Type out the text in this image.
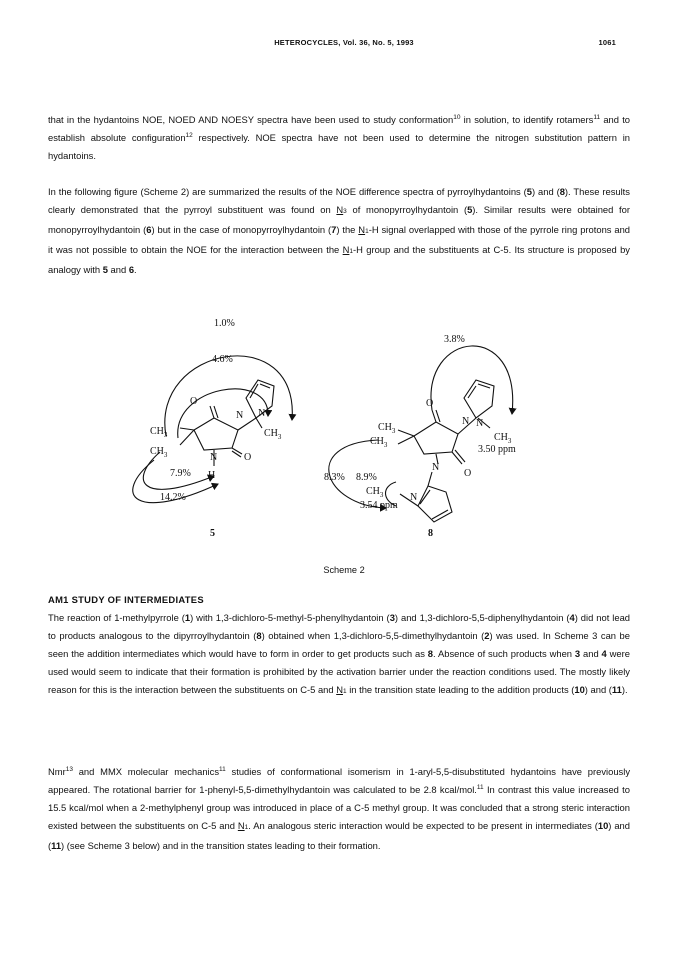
HETEROCYCLES, Vol. 36, No. 5, 1993	1061

that in the hydantoins NOE, NOED AND NOESY spectra have been used to study conformation$^{10}$ in solution, to identify rotamers$^{11}$ and to establish absolute configuration$^{12}$ respectively. NOE spectra have not been used to determine the nitrogen substitution pattern in hydantoins.

In the following figure (Scheme 2) are summarized the results of the NOE difference spectra of pyrroylhydantoins (5) and (8). These results clearly demonstrated that the pyrroyl substituent was found on N3 of monopyrroylhydantoin (5). Similar results were obtained for monopyrroylhydantoin (6) but in the case of monopyrroylhydantoin (7) the N1-H signal overlapped with those of the pyrrole ring protons and it was not possible to obtain the NOE for the interaction between the N1-H group and the substituents at C-5. Its structure is proposed by analogy with 5 and 6.

1.0%
4.6%
O
N N
$CH_3$
$CH_3$
$CH_3$	N	O
H
7.9%
14.2%
5
3.8%
O
N N
$CH_3$
3.50 ppm
$CH_3$
$CH_3$
O
N
8.3% 8.9%
$CH_3$
3.54 ppm
N
8
Scheme 2
AM1 STUDY OF INTERMEDIATES

The reaction of 1-methylpyrrole (1) with 1,3-dichloro-5-methyl-5-phenylhydantoin (3) and 1,3-dichloro-5,5-diphenylhydantoin (4) did not lead to products analogous to the dipyrroylhydantoin (8) obtained when 1,3-dichloro-5,5-dimethylhydantoin (2) was used. In Scheme 3 can be seen the addition intermediates which would have to form in order to get products such as 8. Absence of such products when 3 and 4 were used would seem to indicate that their formation is prohibited by the activation barrier under the reaction conditions used. The mostly likely reason for this is the interaction between the substituents on C-5 and N1 in the transition state leading to the addition products (10) and (11).

Nmr$^{13}$ and MMX molecular mechanics$^{11}$ studies of conformational isomerism in 1-aryl-5,5-disubstituted hydantoins have previously appeared. The rotational barrier for 1-phenyl-5,5-dimethylhydantoin was calculated to be 2.8 kcal/mol.$^{11}$ In contrast this value increased to 15.5 kcal/mol when a 2-methylphenyl group was introduced in place of a C-5 methyl group. It was concluded that a strong steric interaction existed between the substituents on C-5 and N1. An analogous steric interaction would be expected to be present in intermediates (10) and (11) (see Scheme 3 below) and in the transition states leading to their formation.
